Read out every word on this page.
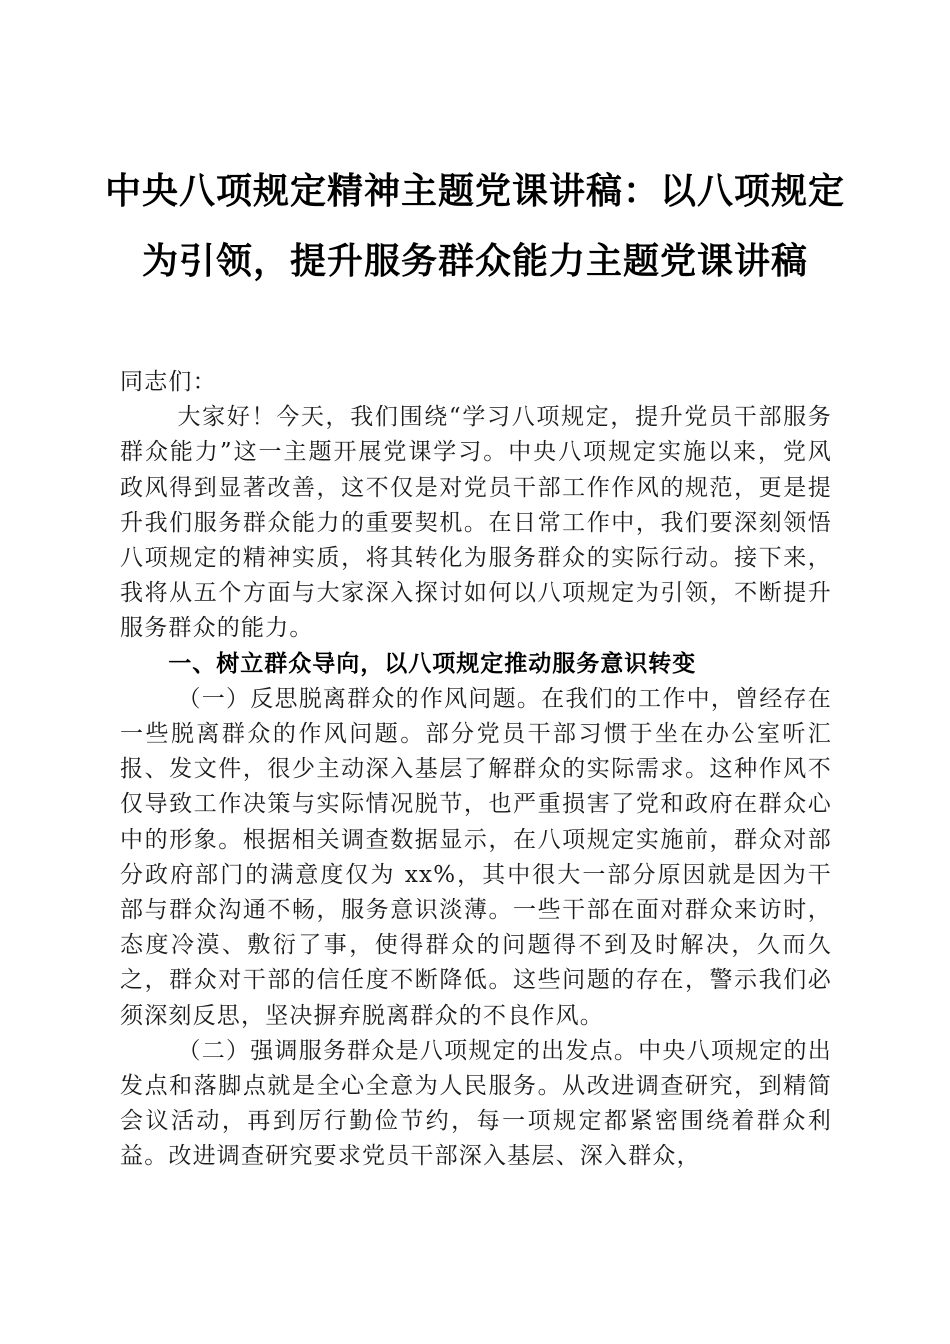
中央八项规定精神主题党课讲稿：以八项规定
为引领，提升服务群众能力主题党课讲稿

同志们：

大家好！今天，我们围绕“学习八项规定，提升党员干部服务群众能力”这一主题开展党课学习。中央八项规定实施以来，党风政风得到显著改善，这不仅是对党员干部工作作风的规范，更是提升我们服务群众能力的重要契机。在日常工作中，我们要深刻领悟八项规定的精神实质，将其转化为服务群众的实际行动。接下来，我将从五个方面与大家深入探讨如何以八项规定为引领，不断提升服务群众的能力。

一、树立群众导向，以八项规定推动服务意识转变

（一）反思脱离群众的作风问题。在我们的工作中，曾经存在一些脱离群众的作风问题。部分党员干部习惯于坐在办公室听汇报、发文件，很少主动深入基层了解群众的实际需求。这种作风不仅导致工作决策与实际情况脱节，也严重损害了党和政府在群众心中的形象。根据相关调查数据显示，在八项规定实施前，群众对部分政府部门的满意度仅为 xx%，其中很大一部分原因就是因为干部与群众沟通不畅，服务意识淡薄。一些干部在面对群众来访时，态度冷漠、敷衍了事，使得群众的问题得不到及时解决，久而久之，群众对干部的信任度不断降低。这些问题的存在，警示我们必须深刻反思，坚决摒弃脱离群众的不良作风。

（二）强调服务群众是八项规定的出发点。中央八项规定的出发点和落脚点就是全心全意为人民服务。从改进调查研究，到精简会议活动，再到厉行勤俭节约，每一项规定都紧密围绕着群众利益。改进调查研究要求党员干部深入基层、深入群众，
